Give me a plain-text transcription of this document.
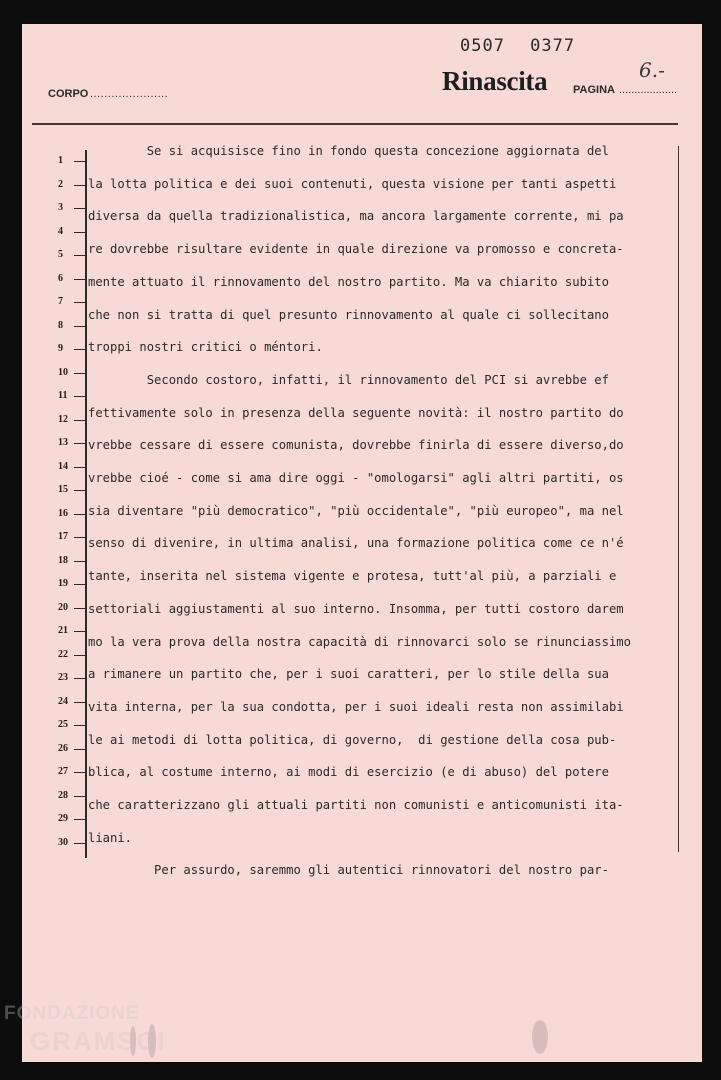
0507 0377
CORPO ......................	Rinascita PAGINA ...................
6.-
1
2
3
4
5
6
7
8
9
10
11
12
13
14
15
16
17
18
19
20
21
22
23
24
25
26
27
28
29
30
Se si acquisisce fino in fondo questa concezione aggiornata del
la lotta politica e dei suoi contenuti, questa visione per tanti aspetti
diversa da quella tradizionalistica, ma ancora largamente corrente, mi pa
re dovrebbe risultare evidente in quale direzione va promosso e concreta-
mente attuato il rinnovamento del nostro partito. Ma va chiarito subito
che non si tratta di quel presunto rinnovamento al quale ci sollecitano
troppi nostri critici o méntori.
Secondo costoro, infatti, il rinnovamento del PCI si avrebbe ef
fettivamente solo in presenza della seguente novità: il nostro partito do
vrebbe cessare di essere comunista, dovrebbe finirla di essere diverso,do
vrebbe cioé - come si ama dire oggi - "omologarsi" agli altri partiti, os
sia diventare "più democratico", "più occidentale", "più europeo", ma nel
senso di divenire, in ultima analisi, una formazione politica come ce n'é
tante, inserita nel sistema vigente e protesa, tutt'al più, a parziali e
settoriali aggiustamenti al suo interno. Insomma, per tutti costoro darem
mo la vera prova della nostra capacità di rinnovarci solo se rinunciassimo
a rimanere un partito che, per i suoi caratteri, per lo stile della sua
vita interna, per la sua condotta, per i suoi ideali resta non assimilabi
le ai metodi di lotta politica, di governo,  di gestione della cosa pub-
blica, al costume interno, ai modi di esercizio (e di abuso) del potere
che caratterizzano gli attuali partiti non comunisti e anticomunisti ita-
liani.
Per assurdo, saremmo gli autentici rinnovatori del nostro par-
FONDAZIONE
GRAMSCI
